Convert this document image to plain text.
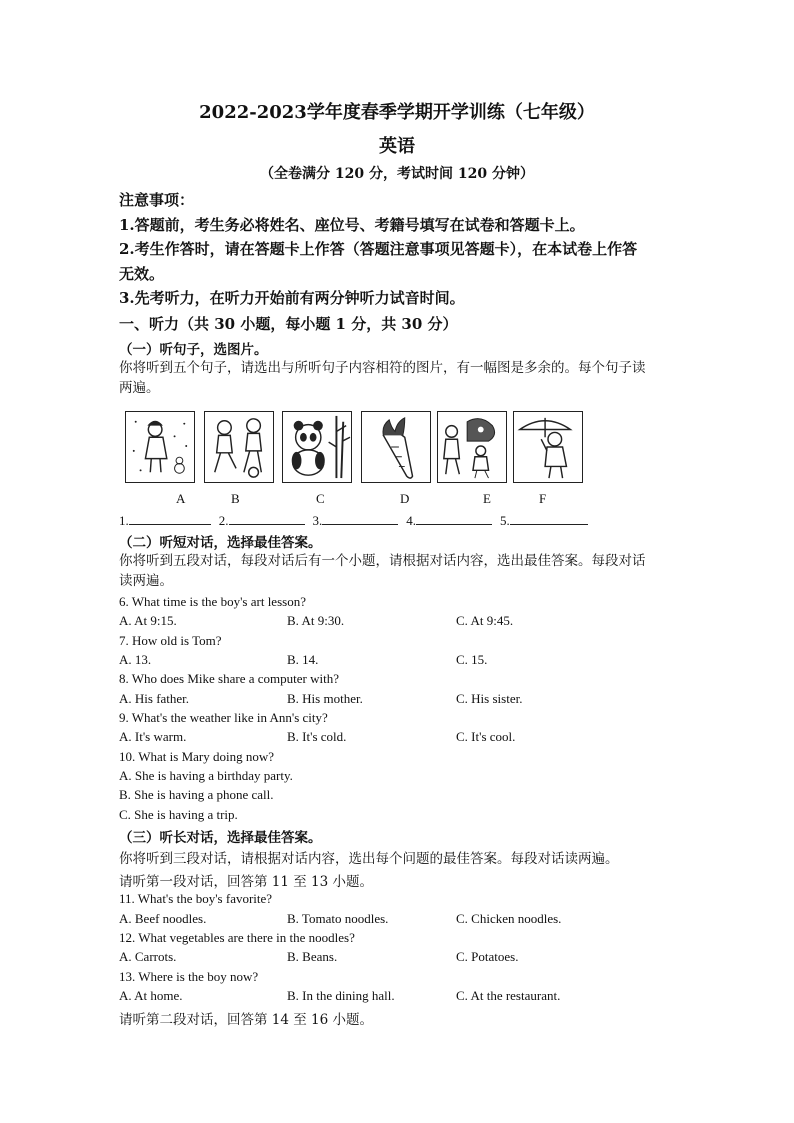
2022-2023学年度春季学期开学训练（七年级）
英语
（全卷满分 120 分，考试时间 120 分钟）
注意事项：
1.答题前，考生务必将姓名、座位号、考籍号填写在试卷和答题卡上。
2.考生作答时，请在答题卡上作答（答题注意事项见答题卡），在本试卷上作答
无效。
3.先考听力，在听力开始前有两分钟听力试音时间。
一、听力（共 30 小题，每小题 1 分，共 30 分）
（一）听句子，选图片。
你将听到五个句子，请选出与所听句子内容相符的图片，有一幅图是多余的。每个句子读
两遍。
A	B	C	D	E	F
1.	2.	3.	4.	5.
（二）听短对话，选择最佳答案。
你将听到五段对话，每段对话后有一个小题，请根据对话内容，选出最佳答案。每段对话
读两遍。
6. What time is the boy's art lesson?
A. At 9:15.	B. At 9:30.	C. At 9:45.
7. How old is Tom?
A. 13.	B. 14.	C. 15.
8. Who does Mike share a computer with?
A. His father.	B. His mother.	C. His sister.
9. What's the weather like in Ann's city?
A. It's warm.	B. It's cold.	C. It's cool.
10. What is Mary doing now?
A. She is having a birthday party.
B. She is having a phone call.
C. She is having a trip.
（三）听长对话，选择最佳答案。
你将听到三段对话，请根据对话内容，选出每个问题的最佳答案。每段对话读两遍。
请听第一段对话，回答第 11 至 13 小题。
11. What's the boy's favorite?
A. Beef noodles.	B. Tomato noodles.	C. Chicken noodles.
12. What vegetables are there in the noodles?
A. Carrots.	B. Beans.	C. Potatoes.
13. Where is the boy now?
A. At home.	B. In the dining hall.	C. At the restaurant.
请听第二段对话，回答第 14 至 16 小题。
